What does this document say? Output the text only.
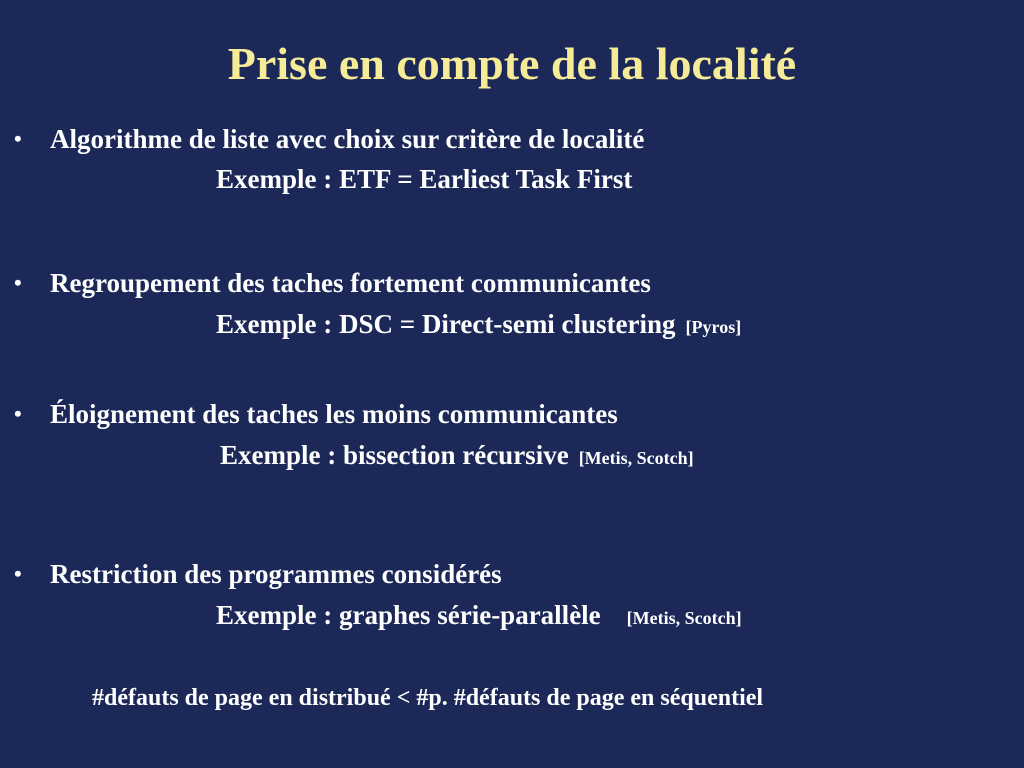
Prise en compte de la localité
• Algorithme de liste avec choix sur critère de localité
Exemple : ETF = Earliest Task First
• Regroupement des taches fortement communicantes
Exemple : DSC = Direct-semi clustering [Pyros]
• Éloignement des taches les moins communicantes
Exemple : bissection récursive [Metis, Scotch]
• Restriction des programmes considérés
Exemple : graphes série-parallèle [Metis, Scotch]
#défauts de page en distribué < #p. #défauts de page en séquentiel
